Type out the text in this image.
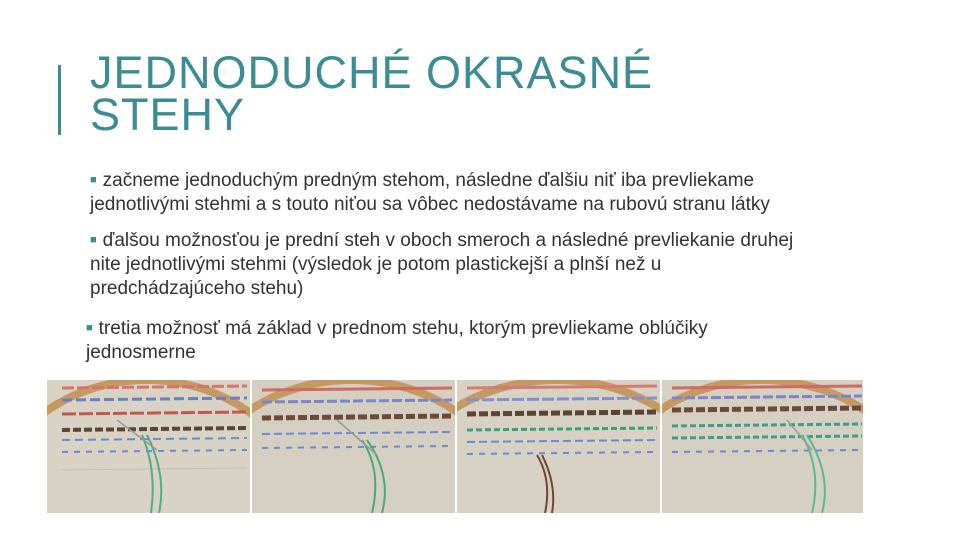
JEDNODUCHÉ OKRASNÉ
STEHY
■ začneme jednoduchým predným stehom, následne ďalšiu niť iba prevliekame
jednotlivými stehmi a s touto niťou sa vôbec nedostávame na rubovú stranu látky
■ ďalšou možnosťou je prední steh v oboch smeroch a následné prevliekanie druhej
nite jednotlivými stehmi (výsledok je potom plastickejší a plnší než u
predchádzajúceho stehu)
■ tretia možnosť má základ v prednom stehu, ktorým prevliekame oblúčiky
jednosmerne
